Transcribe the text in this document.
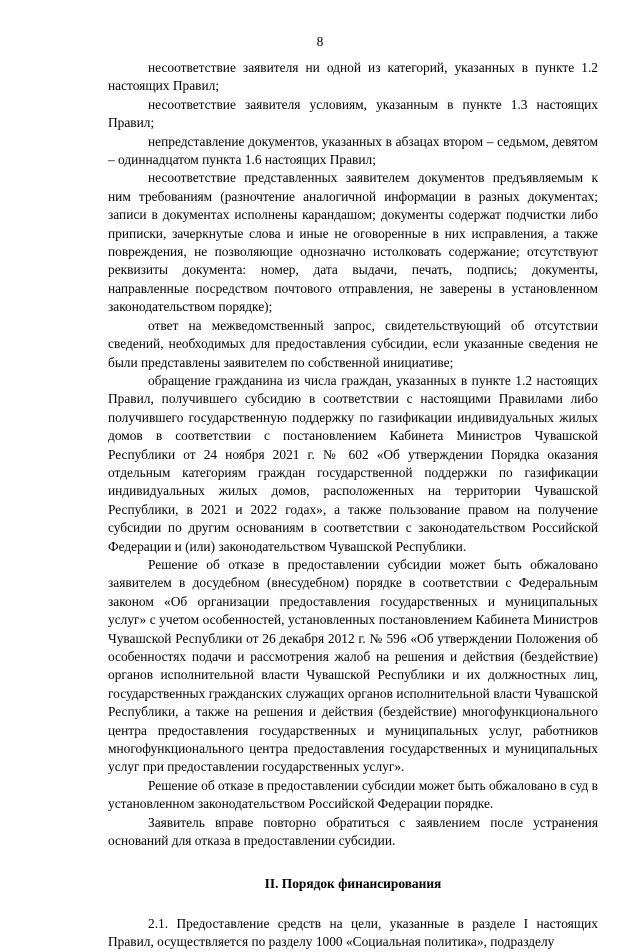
8

несоответствие заявителя ни одной из категорий, указанных в пункте 1.2 настоящих Правил;

несоответствие заявителя условиям, указанным в пункте 1.3 настоящих Правил;

непредставление документов, указанных в абзацах втором – седьмом, девятом – одиннадцатом пункта 1.6 настоящих Правил;

несоответствие представленных заявителем документов предъявляемым к ним требованиям (разночтение аналогичной информации в разных документах; записи в документах исполнены карандашом; документы содержат подчистки либо приписки, зачеркнутые слова и иные не оговоренные в них исправления, а также повреждения, не позволяющие однозначно истолковать содержание; отсутствуют реквизиты документа: номер, дата выдачи, печать, подпись; документы, направленные посредством почтового отправления, не заверены в установленном законодательством порядке);

ответ на межведомственный запрос, свидетельствующий об отсутствии сведений, необходимых для предоставления субсидии, если указанные сведения не были представлены заявителем по собственной инициативе;

обращение гражданина из числа граждан, указанных в пункте 1.2 настоящих Правил, получившего субсидию в соответствии с настоящими Правилами либо получившего государственную поддержку по газификации индивидуальных жилых домов в соответствии с постановлением Кабинета Министров Чувашской Республики от 24 ноября 2021 г. № 602 «Об утверждении Порядка оказания отдельным категориям граждан государственной поддержки по газификации индивидуальных жилых домов, расположенных на территории Чувашской Республики, в 2021 и 2022 годах», а также пользование правом на получение субсидии по другим основаниям в соответствии с законодательством Российской Федерации и (или) законодательством Чувашской Республики.

Решение об отказе в предоставлении субсидии может быть обжаловано заявителем в досудебном (внесудебном) порядке в соответствии с Федеральным законом «Об организации предоставления государственных и муниципальных услуг» с учетом особенностей, установленных постановлением Кабинета Министров Чувашской Республики от 26 декабря 2012 г. № 596 «Об утверждении Положения об особенностях подачи и рассмотрения жалоб на решения и действия (бездействие) органов исполнительной власти Чувашской Республики и их должностных лиц, государственных гражданских служащих органов исполнительной власти Чувашской Республики, а также на решения и действия (бездействие) многофункционального центра предоставления государственных и муниципальных услуг, работников многофункционального центра предоставления государственных и муниципальных услуг при предоставлении государственных услуг».

Решение об отказе в предоставлении субсидии может быть обжаловано в суд в установленном законодательством Российской Федерации порядке.

Заявитель вправе повторно обратиться с заявлением после устранения оснований для отказа в предоставлении субсидии.

II. Порядок финансирования

2.1. Предоставление средств на цели, указанные в разделе I настоящих Правил, осуществляется по разделу 1000 «Социальная политика», подразделу
